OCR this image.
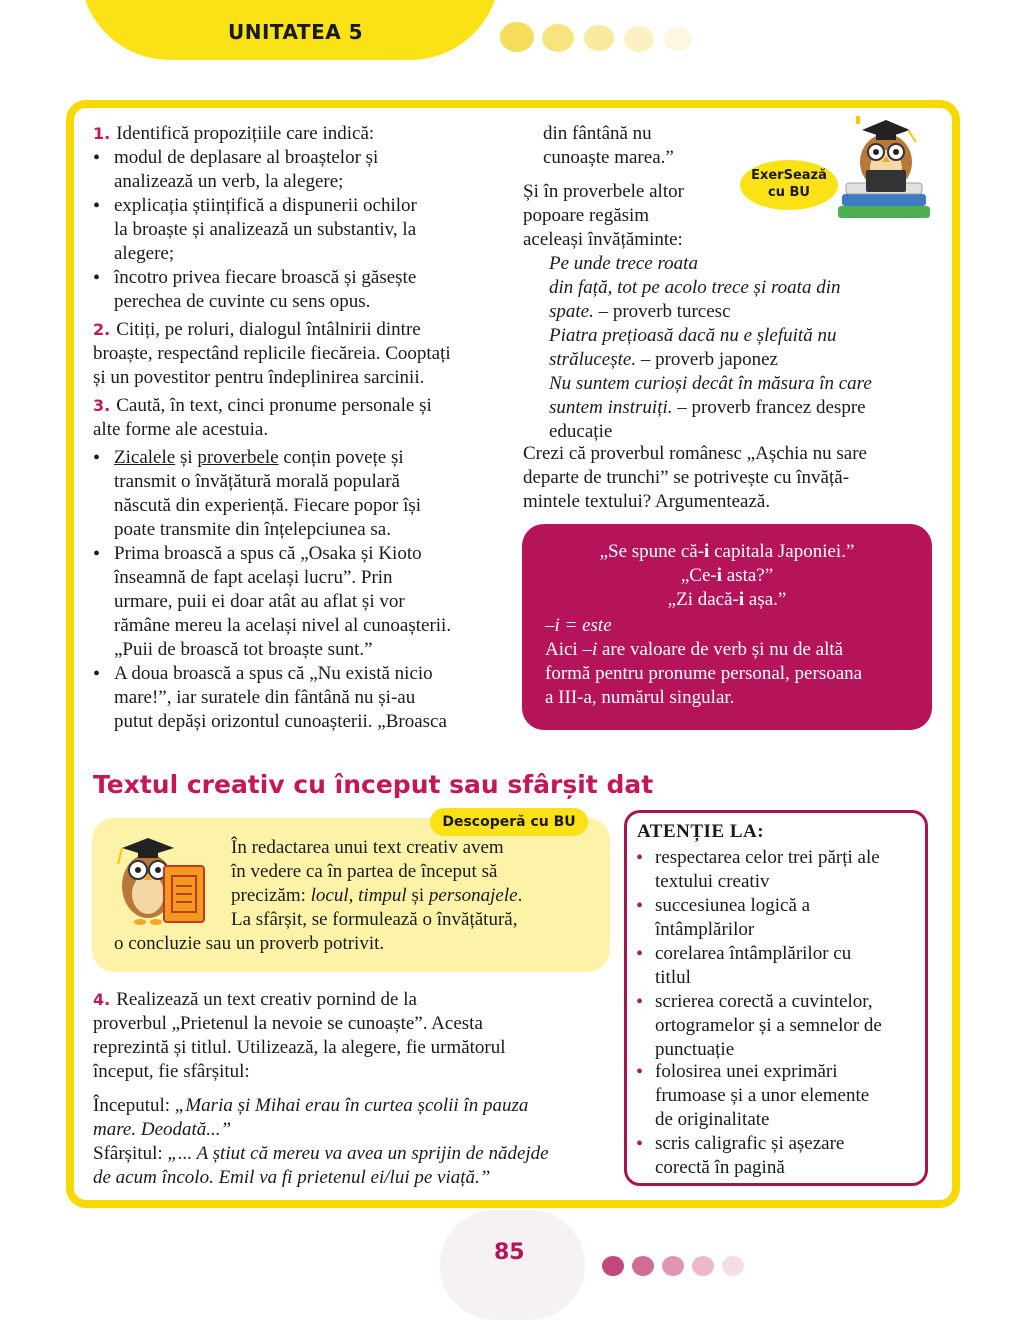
UNITATEA 5
1. Identifică propozițiile care indică:
• modul de deplasare al broaștelor și
analizează un verb, la alegere;
• explicația științifică a dispunerii ochilor
la broaște și analizează un substantiv, la
alegere;
• încotro privea fiecare broască și găsește
perechea de cuvinte cu sens opus.
2. Citiți, pe roluri, dialogul întâlnirii dintre
broaște, respectând replicile fiecăreia. Cooptați
și un povestitor pentru îndeplinirea sarcinii.
3. Caută, în text, cinci pronume personale și
alte forme ale acestuia.
• Zicalele și proverbele conțin povețe și
transmit o învățătură morală populară
născută din experiență. Fiecare popor își
poate transmite din înțelepciunea sa.
• Prima broască a spus că „Osaka și Kioto
înseamnă de fapt același lucru”. Prin
urmare, puii ei doar atât au aflat și vor
rămâne mereu la același nivel al cunoașterii.
„Puii de broască tot broaște sunt.”
• A doua broască a spus că „Nu există nicio
mare!”, iar suratele din fântână nu și-au
putut depăși orizontul cunoașterii. „Broasca
din fântână nu
cunoaște marea.”
Și în proverbele altor
popoare regăsim
aceleași învățăminte:
ExerSează
cu BU
Pe unde trece roata
din față, tot pe acolo trece și roata din
spate. – proverb turcesc
Piatra prețioasă dacă nu e șlefuită nu
strălucește. – proverb japonez
Nu suntem curioși decât în măsura în care
suntem instruiți. – proverb francez despre
educație
Crezi că proverbul românesc „Așchia nu sare
departe de trunchi” se potrivește cu învăță-
mintele textului? Argumentează.
„Se spune că-i capitala Japoniei.”
„Ce-i asta?”
„Zi dacă-i așa.”
–i = este
Aici –i are valoare de verb și nu de altă
formă pentru pronume personal, persoana
a III-a, numărul singular.
Textul creativ cu început sau sfârșit dat
Descoperă cu BU
În redactarea unui text creativ avem
în vedere ca în partea de început să
precizăm: locul, timpul și personajele.
La sfârșit, se formulează o învățătură,
o concluzie sau un proverb potrivit.
4. Realizează un text creativ pornind de la
proverbul „Prietenul la nevoie se cunoaște”. Acesta
reprezintă și titlul. Utilizează, la alegere, fie următorul
început, fie sfârșitul:
Începutul: „Maria și Mihai erau în curtea școlii în pauza
mare. Deodată...”
Sfârșitul: „... A știut că mereu va avea un sprijin de nădejde
de acum încolo. Emil va fi prietenul ei/lui pe viață.”
ATENȚIE LA:
• respectarea celor trei părți ale
textului creativ
• succesiunea logică a
întâmplărilor
• corelarea întâmplărilor cu
titlul
• scrierea corectă a cuvintelor,
ortogramelor și a semnelor de
punctuație
• folosirea unei exprimări
frumoase și a unor elemente
de originalitate
• scris caligrafic și așezare
corectă în pagină
85
